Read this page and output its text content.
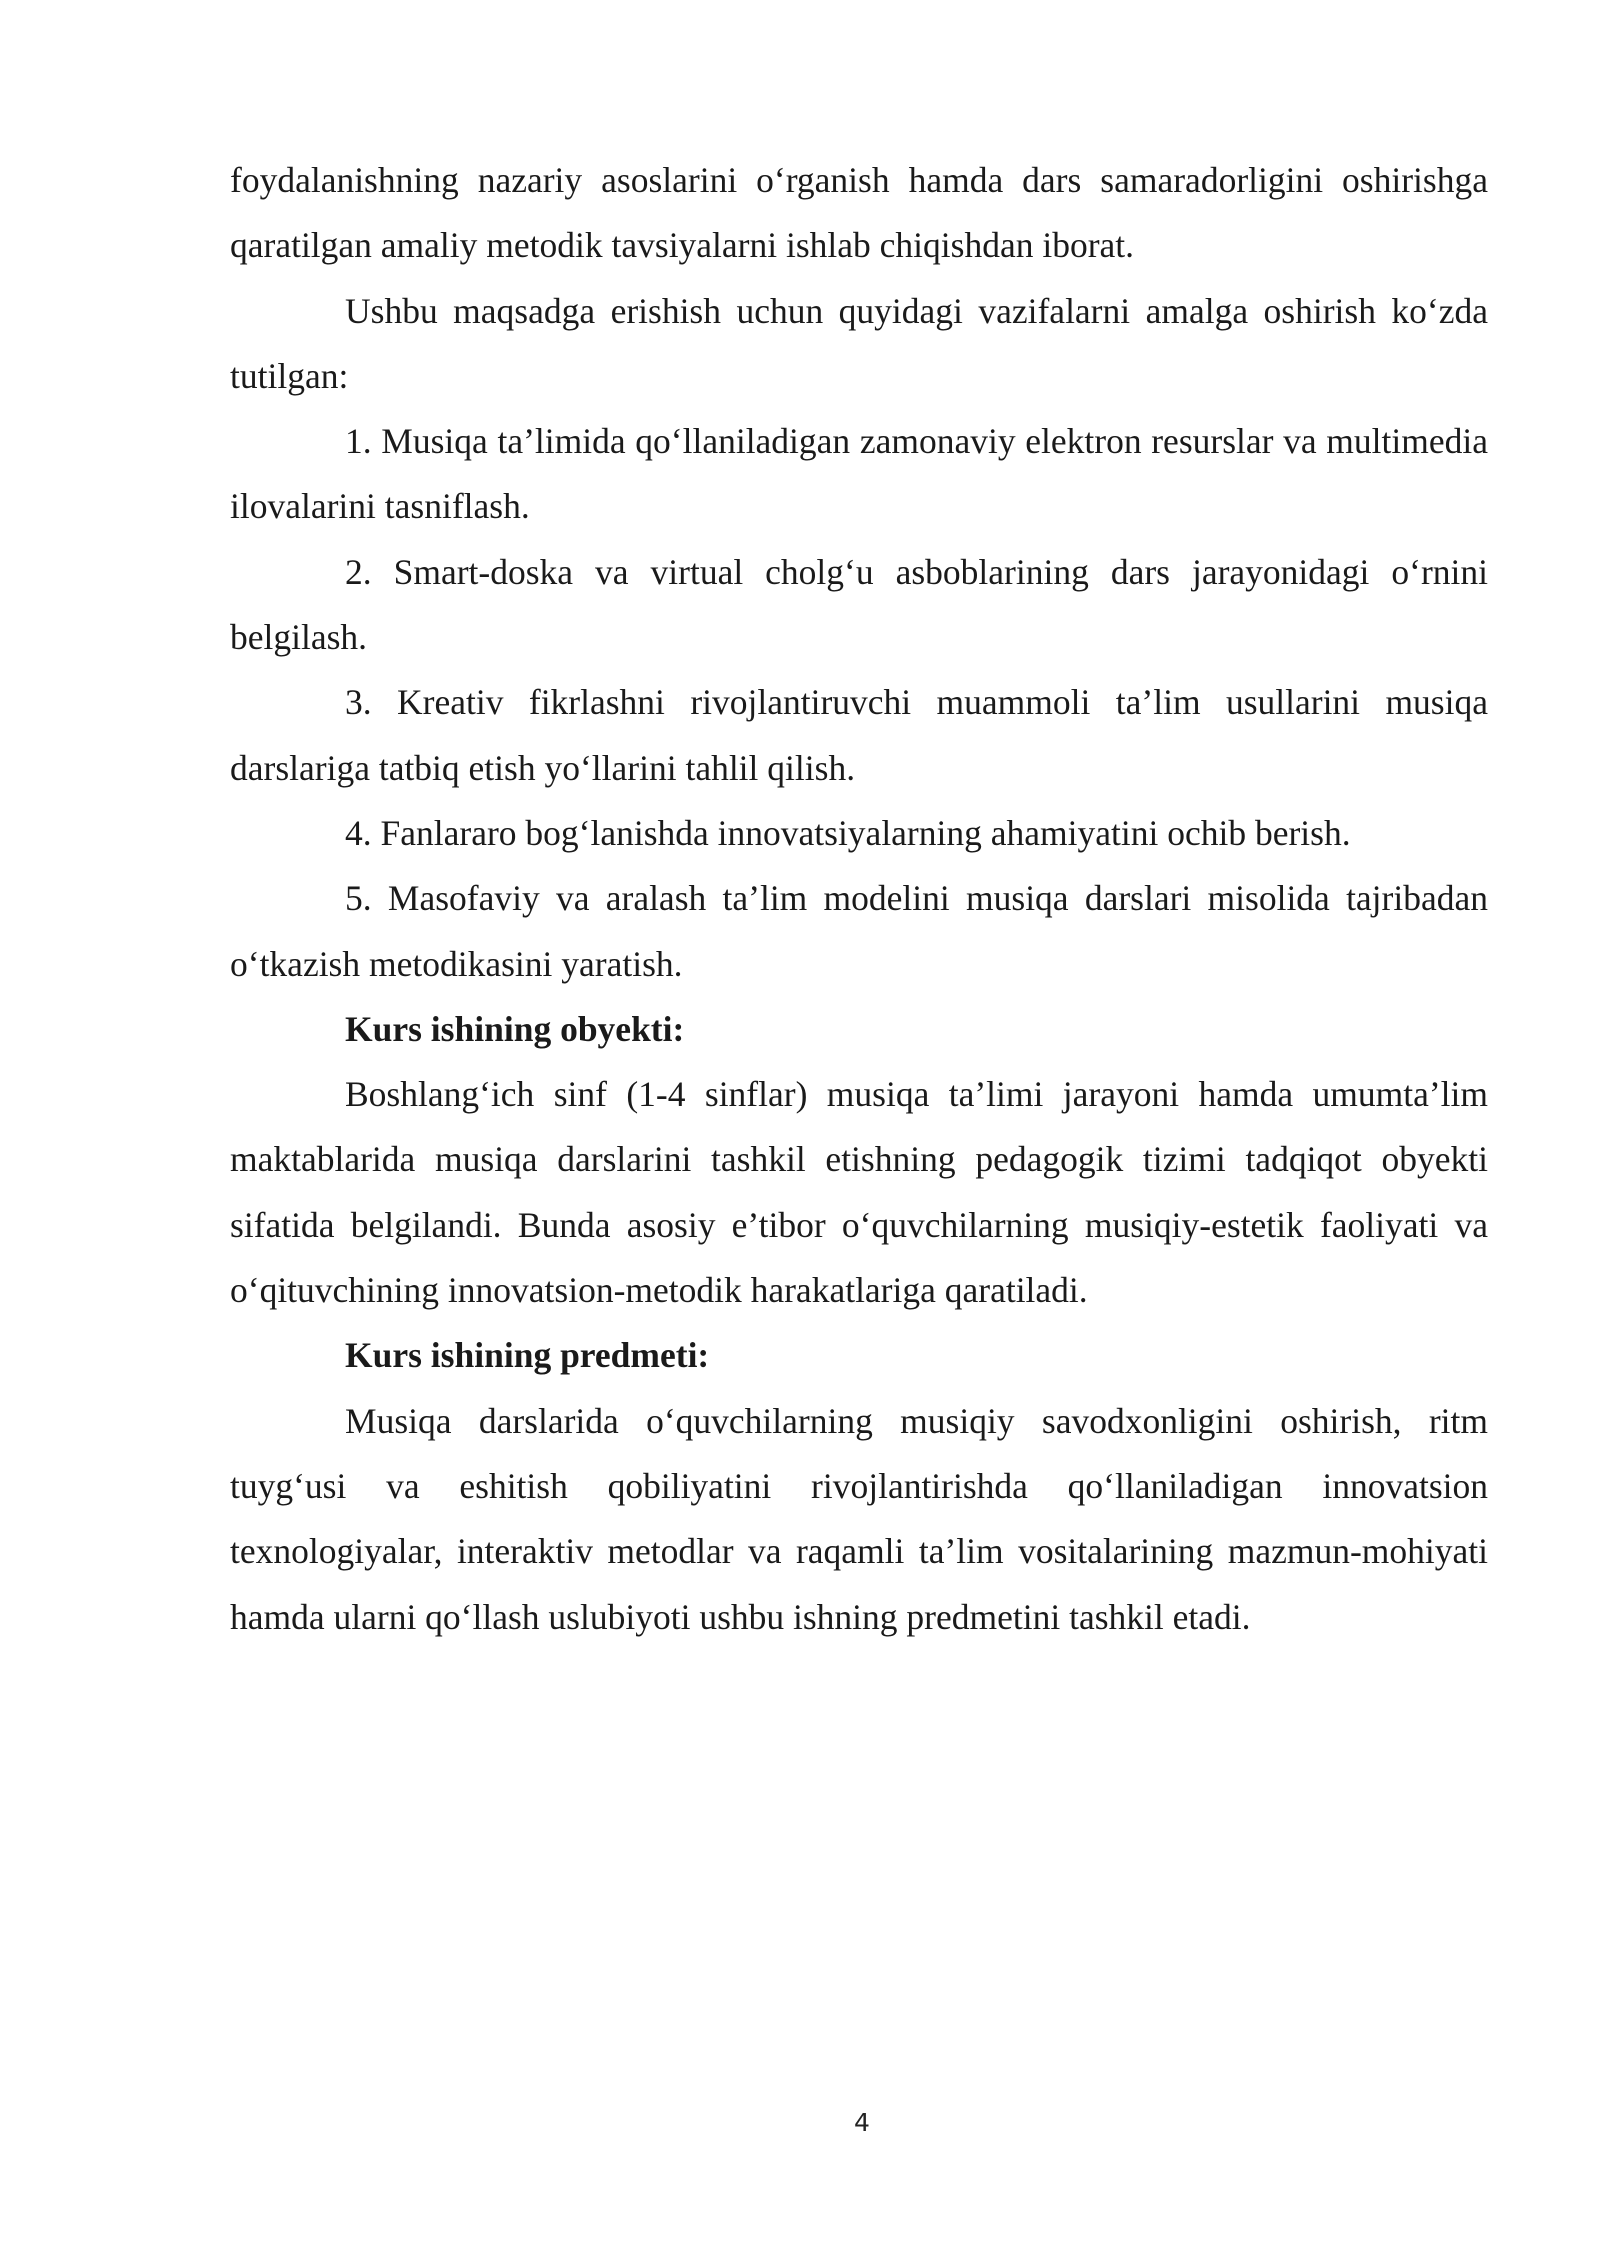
foydalanishning nazariy asoslarini o‘rganish hamda dars samaradorligini oshirishga qaratilgan amaliy metodik tavsiyalarni ishlab chiqishdan iborat.

Ushbu maqsadga erishish uchun quyidagi vazifalarni amalga oshirish ko‘zda tutilgan:

1. Musiqa ta’limida qo‘llaniladigan zamonaviy elektron resurslar va multimedia ilovalarini tasniflash.

2. Smart-doska va virtual cholg‘u asboblarining dars jarayonidagi o‘rnini belgilash.

3. Kreativ fikrlashni rivojlantiruvchi muammoli ta’lim usullarini musiqa darslariga tatbiq etish yo‘llarini tahlil qilish.

4. Fanlararo bog‘lanishda innovatsiyalarning ahamiyatini ochib berish.

5. Masofaviy va aralash ta’lim modelini musiqa darslari misolida tajribadan o‘tkazish metodikasini yaratish.

Kurs ishining obyekti:

Boshlang‘ich sinf (1-4 sinflar) musiqa ta’limi jarayoni hamda umumta’lim maktablarida musiqa darslarini tashkil etishning pedagogik tizimi tadqiqot obyekti sifatida belgilandi. Bunda asosiy e’tibor o‘quvchilarning musiqiy-estetik faoliyati va o‘qituvchining innovatsion-metodik harakatlariga qaratiladi.

Kurs ishining predmeti:

Musiqa darslarida o‘quvchilarning musiqiy savodxonligini oshirish, ritm tuyg‘usi va eshitish qobiliyatini rivojlantirishda qo‘llaniladigan innovatsion texnologiyalar, interaktiv metodlar va raqamli ta’lim vositalarining mazmun-mohiyati hamda ularni qo‘llash uslubiyoti ushbu ishning predmetini tashkil etadi.

4
